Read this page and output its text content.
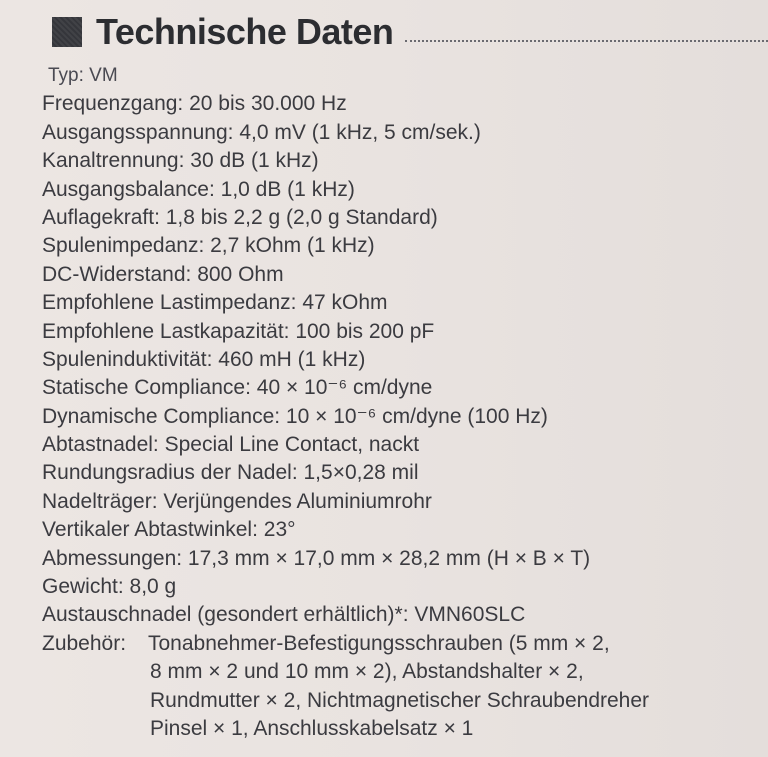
Technische Daten
Typ: VM
Frequenzgang: 20 bis 30.000 Hz
Ausgangsspannung: 4,0 mV (1 kHz, 5 cm/sek.)
Kanaltrennung: 30 dB (1 kHz)
Ausgangsbalance: 1,0 dB (1 kHz)
Auflagekraft: 1,8 bis 2,2 g (2,0 g Standard)
Spulenimpedanz: 2,7 kOhm (1 kHz)
DC-Widerstand: 800 Ohm
Empfohlene Lastimpedanz: 47 kOhm
Empfohlene Lastkapazität: 100 bis 200 pF
Spuleninduktivität: 460 mH (1 kHz)
Statische Compliance: 40 × 10⁻⁶ cm/dyne
Dynamische Compliance: 10 × 10⁻⁶ cm/dyne (100 Hz)
Abtastnadel: Special Line Contact, nackt
Rundungsradius der Nadel: 1,5×0,28 mil
Nadelträger: Verjüngendes Aluminiumrohr
Vertikaler Abtastwinkel: 23°
Abmessungen: 17,3 mm × 17,0 mm × 28,2 mm (H × B × T)
Gewicht: 8,0 g
Austauschnadel (gesondert erhältlich)*: VMN60SLC
Zubehör: Tonabnehmer-Befestigungsschrauben (5 mm × 2,
8 mm × 2 und 10 mm × 2), Abstandshalter × 2,
Rundmutter × 2, Nichtmagnetischer Schraubendreher
Pinsel × 1, Anschlusskabelsatz × 1
